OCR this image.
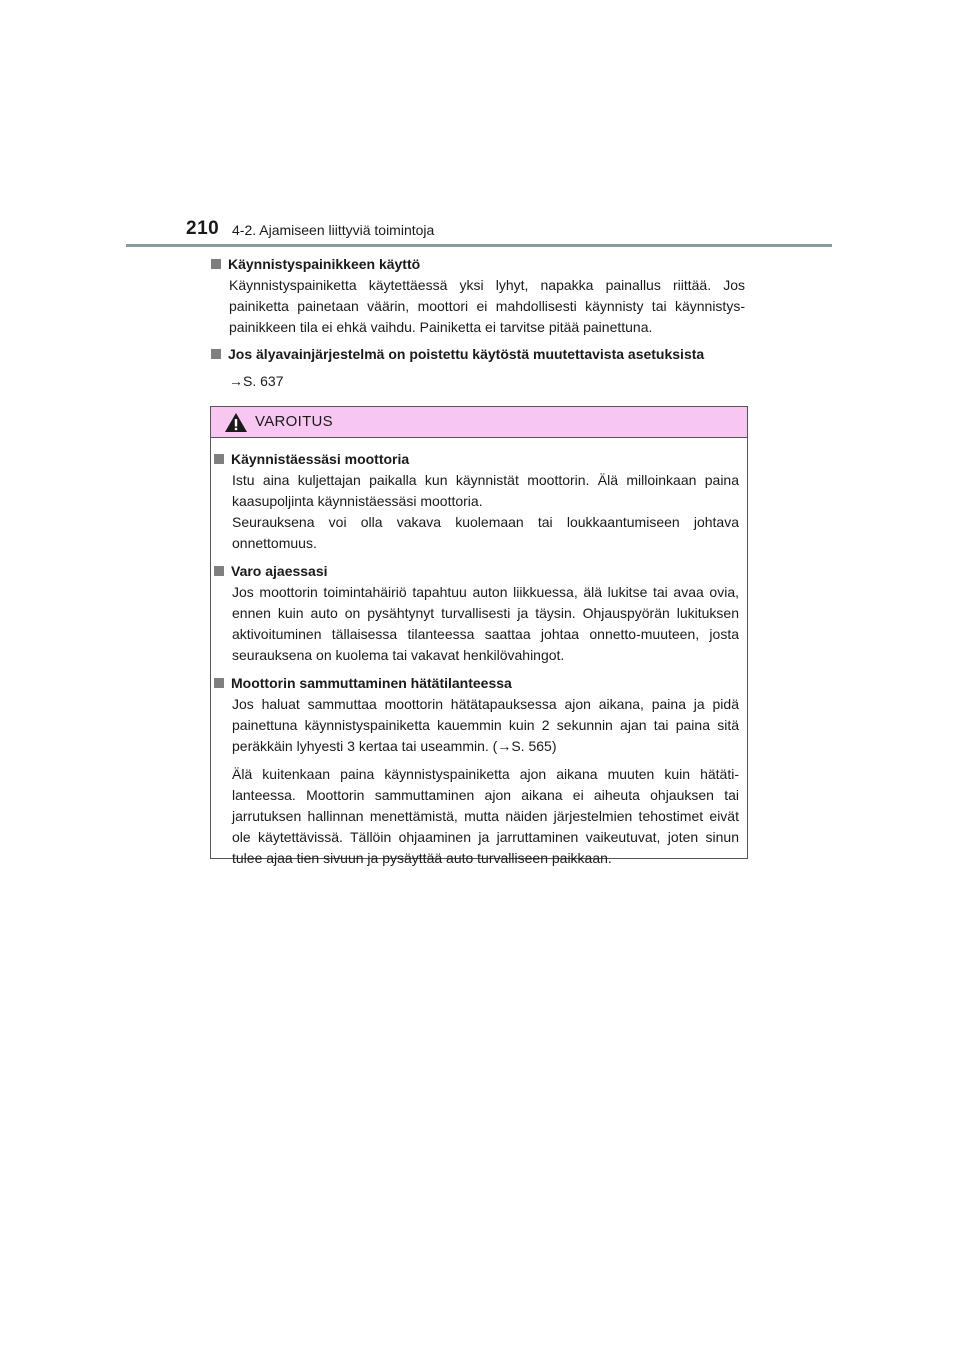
210 4-2. Ajamiseen liittyviä toimintoja
Käynnistyspainikkeen käyttö
Käynnistyspainiketta käytettäessä yksi lyhyt, napakka painallus riittää. Jos painiketta painetaan väärin, moottori ei mahdollisesti käynnisty tai käynnistys-painikkeen tila ei ehkä vaihdu. Painiketta ei tarvitse pitää painettuna.
Jos älyavainjärjestelmä on poistettu käytöstä muutettavista asetuksista
→S. 637
VAROITUS
Käynnistäessäsi moottoria
Istu aina kuljettajan paikalla kun käynnistät moottorin. Älä milloinkaan paina kaasupoljinta käynnistäessäsi moottoria.
Seurauksena voi olla vakava kuolemaan tai loukkaantumiseen johtava onnettomuus.
Varo ajaessasi
Jos moottorin toimintahäiriö tapahtuu auton liikkuessa, älä lukitse tai avaa ovia, ennen kuin auto on pysähtynyt turvallisesti ja täysin. Ohjauspyörän lukituksen aktivoituminen tällaisessa tilanteessa saattaa johtaa onnetto-muuteen, josta seurauksena on kuolema tai vakavat henkilövahingot.
Moottorin sammuttaminen hätätilanteessa
Jos haluat sammuttaa moottorin hätätapauksessa ajon aikana, paina ja pidä painettuna käynnistyspainiketta kauemmin kuin 2 sekunnin ajan tai paina sitä peräkkäin lyhyesti 3 kertaa tai useammin. (→S. 565)
Älä kuitenkaan paina käynnistyspainiketta ajon aikana muuten kuin hätäti-lanteessa. Moottorin sammuttaminen ajon aikana ei aiheuta ohjauksen tai jarrutuksen hallinnan menettämistä, mutta näiden järjestelmien tehostimet eivät ole käytettävissä. Tällöin ohjaaminen ja jarruttaminen vaikeutuvat, joten sinun tulee ajaa tien sivuun ja pysäyttää auto turvalliseen paikkaan.
